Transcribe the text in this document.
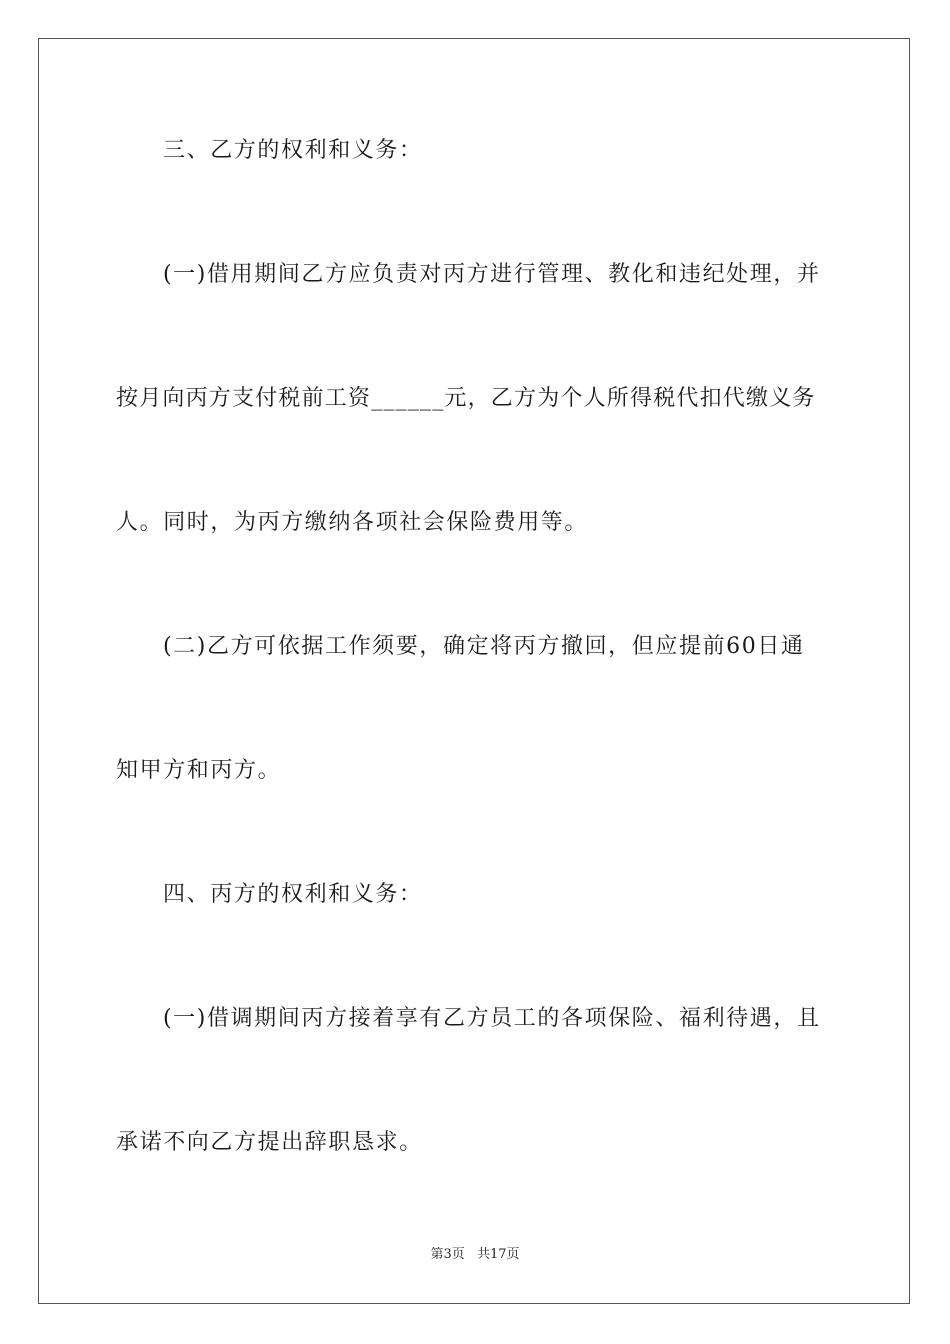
三、乙方的权利和义务：
(一)借用期间乙方应负责对丙方进行管理、教化和违纪处理，并
按月向丙方支付税前工资______元，乙方为个人所得税代扣代缴义务
人。同时，为丙方缴纳各项社会保险费用等。
(二)乙方可依据工作须要，确定将丙方撤回，但应提前60日通
知甲方和丙方。
四、丙方的权利和义务：
(一)借调期间丙方接着享有乙方员工的各项保险、福利待遇，且
承诺不向乙方提出辞职恳求。
第3页 共17页
